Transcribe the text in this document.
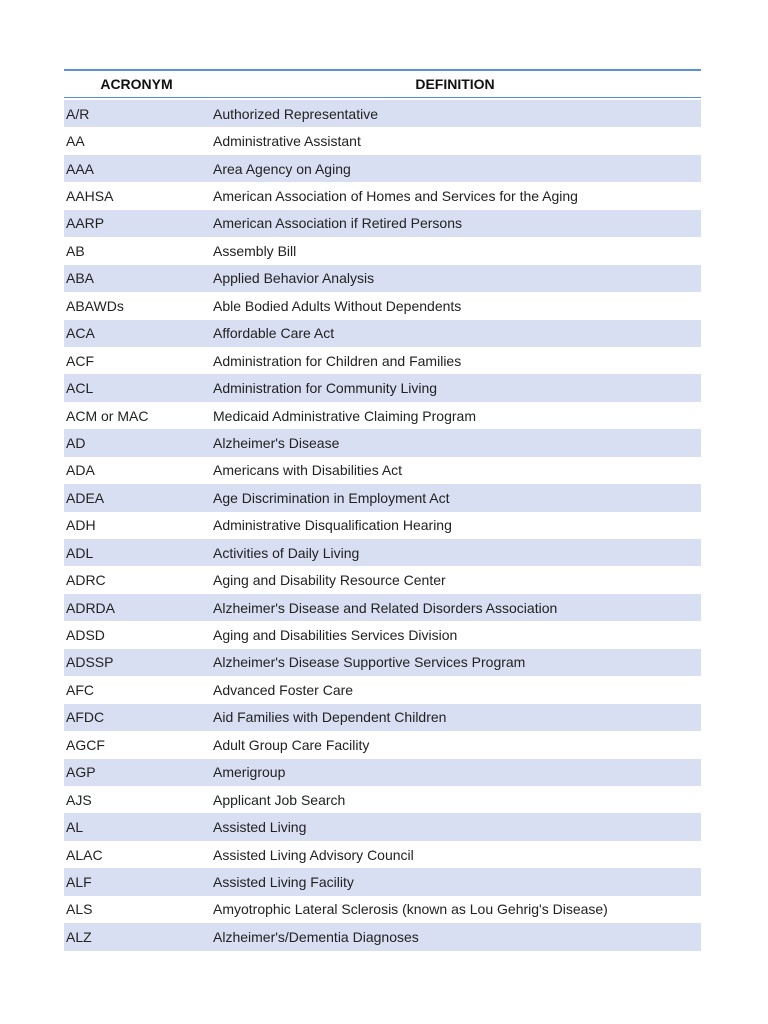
ACRONYM	DEFINITION
A/R	Authorized Representative
AA	Administrative Assistant
AAA	Area Agency on Aging
AAHSA	American Association of Homes and Services for the Aging
AARP	American Association if Retired Persons
AB	Assembly Bill
ABA	Applied Behavior Analysis
ABAWDs	Able Bodied Adults Without Dependents
ACA	Affordable Care Act
ACF	Administration for Children and Families
ACL	Administration for Community Living
ACM or MAC	Medicaid Administrative Claiming Program
AD	Alzheimer's Disease
ADA	Americans with Disabilities Act
ADEA	Age Discrimination in Employment Act
ADH	Administrative Disqualification Hearing
ADL	Activities of Daily Living
ADRC	Aging and Disability Resource Center
ADRDA	Alzheimer's Disease and Related Disorders Association
ADSD	Aging and Disabilities Services Division
ADSSP	Alzheimer's Disease Supportive Services Program
AFC	Advanced Foster Care
AFDC	Aid Families with Dependent Children
AGCF	Adult Group Care Facility
AGP	Amerigroup
AJS	Applicant Job Search
AL	Assisted Living
ALAC	Assisted Living Advisory Council
ALF	Assisted Living Facility
ALS	Amyotrophic Lateral Sclerosis (known as Lou Gehrig's Disease)
ALZ	Alzheimer's/Dementia Diagnoses
